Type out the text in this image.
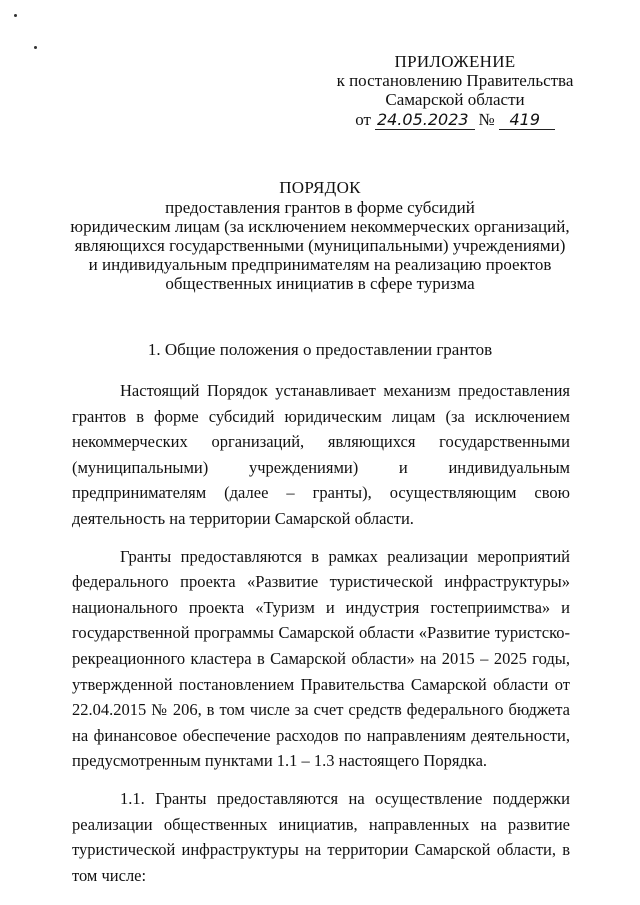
ПРИЛОЖЕНИЕ
к постановлению Правительства
Самарской области
от 24.05.2023 № 419
ПОРЯДОК
предоставления грантов в форме субсидий
юридическим лицам (за исключением некоммерческих организаций,
являющихся государственными (муниципальными) учреждениями)
и индивидуальным предпринимателям на реализацию проектов
общественных инициатив в сфере туризма
1. Общие положения о предоставлении грантов

Настоящий Порядок устанавливает механизм предоставления грантов в форме субсидий юридическим лицам (за исключением некоммерческих организаций, являющихся государственными (муниципальными) учреждениями) и индивидуальным предпринимателям (далее – гранты), осуществляющим свою деятельность на территории Самарской области.

Гранты предоставляются в рамках реализации мероприятий федерального проекта «Развитие туристической инфраструктуры» национального проекта «Туризм и индустрия гостеприимства» и государственной программы Самарской области «Развитие туристско-рекреационного кластера в Самарской области» на 2015 – 2025 годы, утвержденной постановлением Правительства Самарской области от 22.04.2015 № 206, в том числе за счет средств федерального бюджета на финансовое обеспечение расходов по направлениям деятельности, предусмотренным пунктами 1.1 – 1.3 настоящего Порядка.

1.1. Гранты предоставляются на осуществление поддержки реализации общественных инициатив, направленных на развитие туристической инфраструктуры на территории Самарской области, в том числе:
